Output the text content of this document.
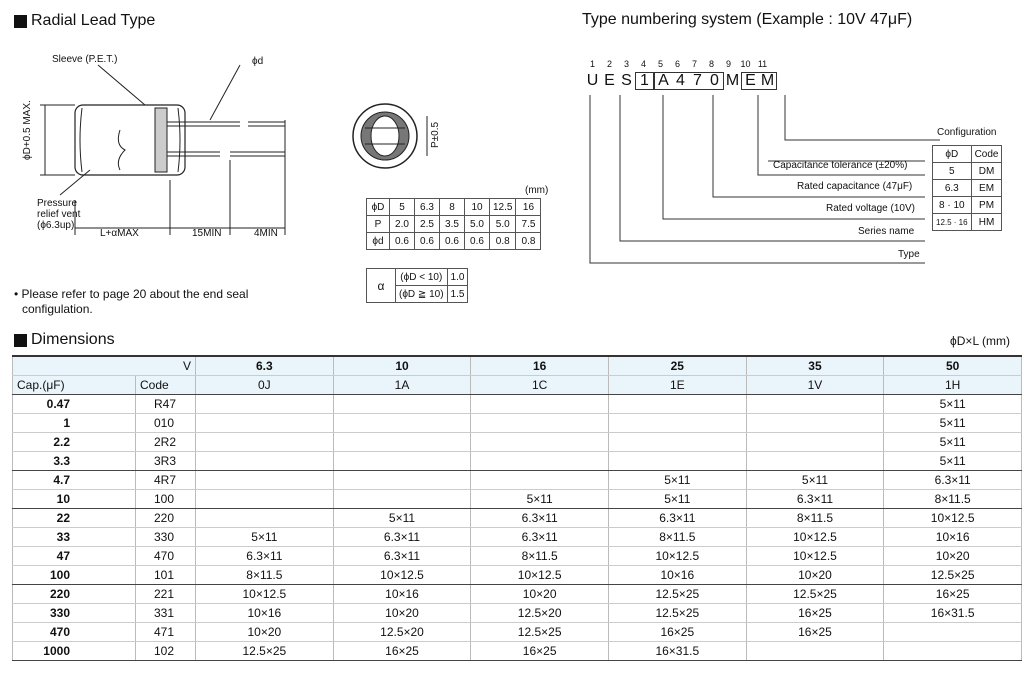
Radial Lead Type
Sleeve (P.E.T.)	ϕd
ϕD+0.5 MAX.
Pressure
relief vent
(ϕ6.3up)
L+αMAX	15MIN	4MIN
P±0.5
(mm)
ϕD	5	6.3	8	10	12.5	16
P	2.0	2.5	3.5	5.0	5.0	7.5
ϕd	0.6	0.6	0.6	0.6	0.8	0.8
α	(ϕD < 10)	1.0
	(ϕD ≧ 10)	1.5
• Please refer to page 20 about the end seal
configulation.
Type numbering system (Example : 10V 47μF)
1	2	3	4	5	6	7	8	9	10 11
U E S 1 A 4 7 0 M E M
Configuration
Capacitance tolerance (±20%)
Rated capacitance (47μF)
Rated voltage (10V)
Series name
Type
ϕD	Code
5	DM
6.3	EM
8 · 10	PM
12.5 · 16	HM
Dimensions	ϕD×L (mm)
V		6.3	10	16	25	35	50
Cap.(μF)	Code	0J	1A	1C	1E	1V	1H
0.47	R47						5×11
1	010						5×11
2.2	2R2						5×11
3.3	3R3						5×11
4.7	4R7				5×11	5×11	6.3×11
10	100			5×11	5×11	6.3×11	8×11.5
22	220		5×11	6.3×11	6.3×11	8×11.5	10×12.5
33	330	5×11	6.3×11	6.3×11	8×11.5	10×12.5	10×16
47	470	6.3×11	6.3×11	8×11.5	10×12.5	10×12.5	10×20
100	101	8×11.5	10×12.5	10×12.5	10×16	10×20	12.5×25
220	221	10×12.5	10×16	10×20	12.5×25	12.5×25	16×25
330	331	10×16	10×20	12.5×20	12.5×25	16×25	16×31.5
470	471	10×20	12.5×20	12.5×25	16×25	16×25	
1000	102	12.5×25	16×25	16×25	16×31.5		
